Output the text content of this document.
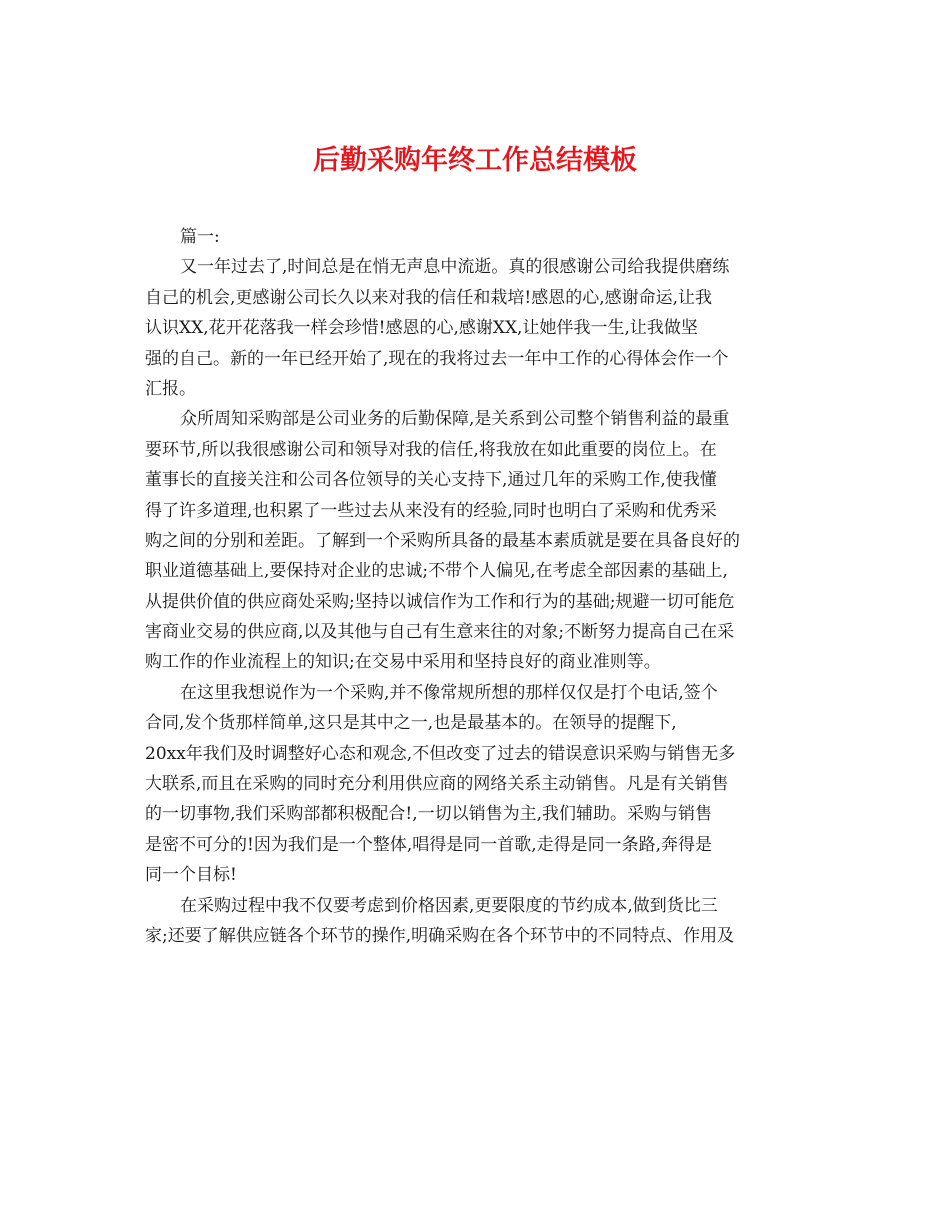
后勤采购年终工作总结模板
篇一:
又一年过去了,时间总是在悄无声息中流逝。真的很感谢公司给我提供磨练
自己的机会,更感谢公司长久以来对我的信任和栽培!感恩的心,感谢命运,让我
认识XX,花开花落我一样会珍惜!感恩的心,感谢XX,让她伴我一生,让我做坚
强的自己。新的一年已经开始了,现在的我将过去一年中工作的心得体会作一个
汇报。
众所周知采购部是公司业务的后勤保障,是关系到公司整个销售利益的最重
要环节,所以我很感谢公司和领导对我的信任,将我放在如此重要的岗位上。在
董事长的直接关注和公司各位领导的关心支持下,通过几年的采购工作,使我懂
得了许多道理,也积累了一些过去从来没有的经验,同时也明白了采购和优秀采
购之间的分别和差距。了解到一个采购所具备的最基本素质就是要在具备良好的
职业道德基础上,要保持对企业的忠诚;不带个人偏见,在考虑全部因素的基础上,
从提供价值的供应商处采购;坚持以诚信作为工作和行为的基础;规避一切可能危
害商业交易的供应商,以及其他与自己有生意来往的对象;不断努力提高自己在采
购工作的作业流程上的知识;在交易中采用和坚持良好的商业准则等。
在这里我想说作为一个采购,并不像常规所想的那样仅仅是打个电话,签个
合同,发个货那样简单,这只是其中之一,也是最基本的。在领导的提醒下,
20xx年我们及时调整好心态和观念,不但改变了过去的错误意识采购与销售无多
大联系,而且在采购的同时充分利用供应商的网络关系主动销售。凡是有关销售
的一切事物,我们采购部都积极配合!,一切以销售为主,我们辅助。采购与销售
是密不可分的!因为我们是一个整体,唱得是同一首歌,走得是同一条路,奔得是
同一个目标!
在采购过程中我不仅要考虑到价格因素,更要限度的节约成本,做到货比三
家;还要了解供应链各个环节的操作,明确采购在各个环节中的不同特点、作用及
